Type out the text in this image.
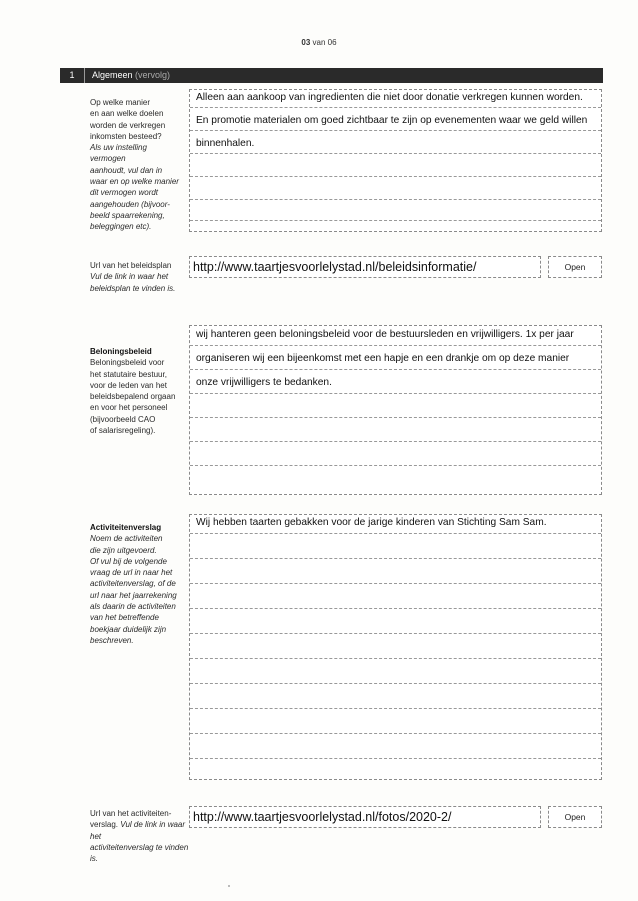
03 van 06
1	Algemeen (vervolg)
Op welke manier
en aan welke doelen
worden de verkregen
inkomsten besteed?
Als uw instelling vermogen
aanhoudt, vul dan in
waar en op welke manier
dit vermogen wordt
aangehouden (bijvoor-
beeld spaarrekening,
beleggingen etc).
Alleen aan aankoop van ingredienten die niet door donatie verkregen kunnen worden.
En promotie materialen om goed zichtbaar te zijn op evenementen waar we geld willen
binnenhalen.
Url van het beleidsplan
Vul de link in waar het
beleidsplan te vinden is.
http://www.taartjesvoorlelystad.nl/beleidsinformatie/	Open
Beloningsbeleid
Beloningsbeleid voor
het statutaire bestuur,
voor de leden van het
beleidsbepalend orgaan
en voor het personeel
(bijvoorbeeld CAO
of salarisregeling).
wij hanteren geen beloningsbeleid voor de bestuursleden en vrijwilligers. 1x per jaar
organiseren wij een bijeenkomst met een hapje en een drankje om op deze manier
onze vrijwilligers te bedanken.
Activiteitenverslag
Noem de activiteiten
die zijn uitgevoerd.
Of vul bij de volgende
vraag de url in naar het
activiteitenverslag, of de
url naar het jaarrekening
als daarin de activiteiten
van het betreffende
boekjaar duidelijk zijn
beschreven.
Wij hebben taarten gebakken voor de jarige kinderen van Stichting Sam Sam.
Url van het activiteiten-
verslag. Vul de link in waar het
activiteitenverslag te vinden is.
http://www.taartjesvoorlelystad.nl/fotos/2020-2/	Open
